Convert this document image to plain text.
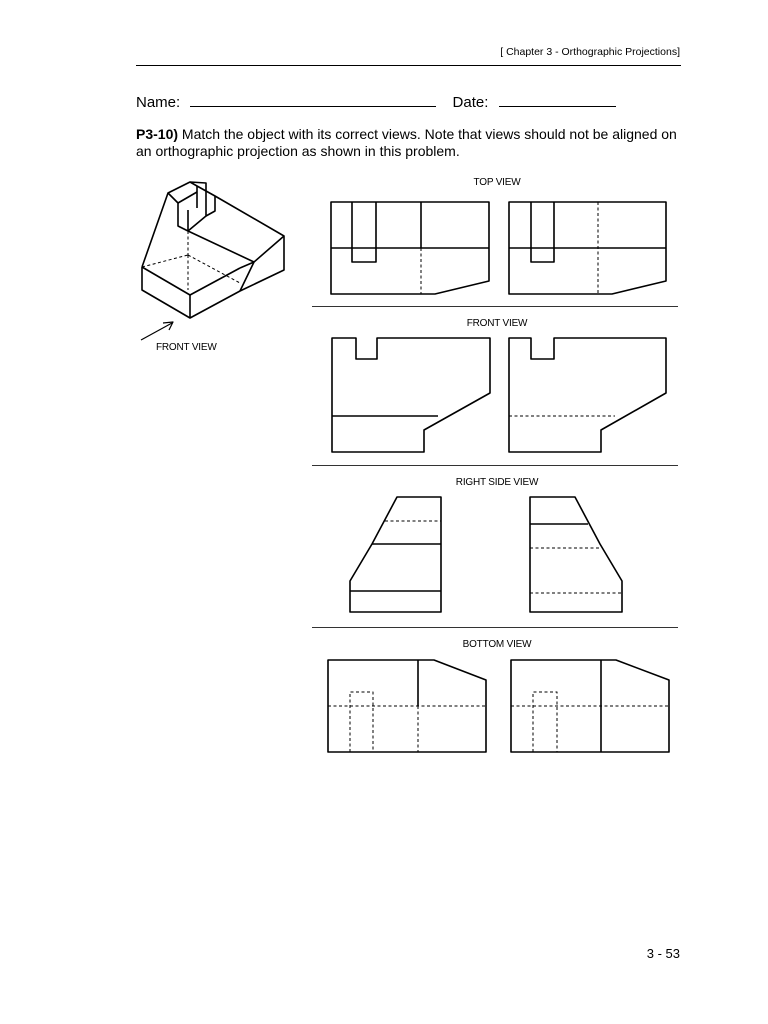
[ Chapter 3 - Orthographic Projections]
Name:	Date:
P3-10) Match the object with its correct views. Note that views should not be aligned on an orthographic projection as shown in this problem.
TOP VIEW
FRONT VIEW
RIGHT SIDE VIEW
BOTTOM VIEW
FRONT VIEW
3 - 53
